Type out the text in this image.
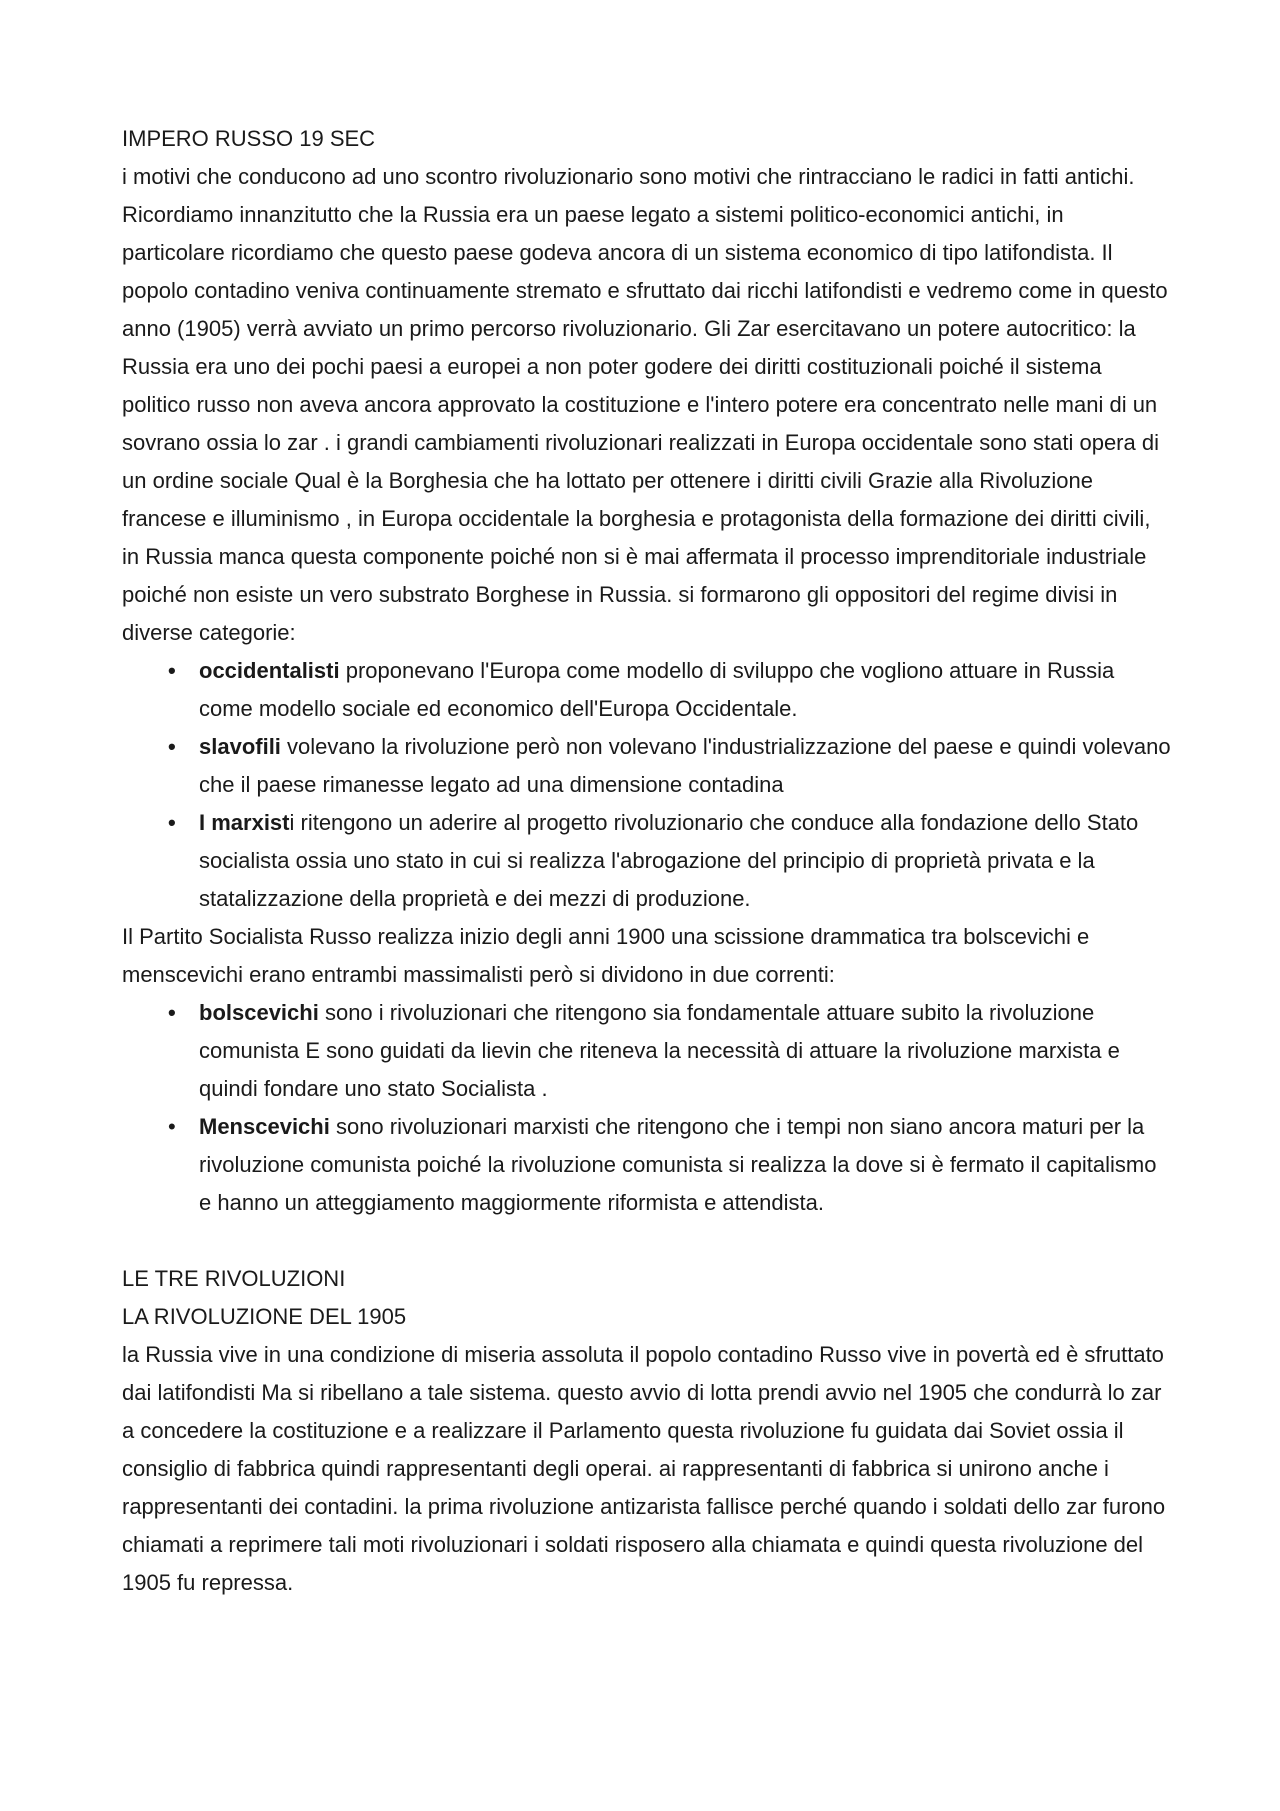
IMPERO RUSSO 19 SEC

i motivi che conducono ad uno scontro rivoluzionario sono motivi che rintracciano le radici in fatti antichi. Ricordiamo innanzitutto che la Russia era un paese legato a sistemi politico-economici antichi, in particolare ricordiamo che questo paese godeva ancora di un sistema economico di tipo latifondista. Il popolo contadino veniva continuamente stremato e sfruttato dai ricchi latifondisti e vedremo come in questo anno (1905) verrà avviato un primo percorso rivoluzionario. Gli Zar esercitavano un potere autocritico: la Russia era uno dei pochi paesi a europei a non poter godere dei diritti costituzionali poiché il sistema politico russo non aveva ancora approvato la costituzione e l'intero potere era concentrato nelle mani di un sovrano ossia lo zar . i grandi cambiamenti rivoluzionari realizzati in Europa occidentale sono stati opera di un ordine sociale Qual è la Borghesia che ha lottato per ottenere i diritti civili Grazie alla Rivoluzione francese e illuminismo , in Europa occidentale la borghesia e protagonista della formazione dei diritti civili, in Russia manca questa componente poiché non si è mai affermata il processo imprenditoriale industriale poiché non esiste un vero substrato Borghese in Russia. si formarono gli oppositori del regime divisi in diverse categorie:

• occidentalisti proponevano l'Europa come modello di sviluppo che vogliono attuare in Russia come modello sociale ed economico dell'Europa Occidentale.
• slavofili volevano la rivoluzione però non volevano l'industrializzazione del paese e quindi volevano che il paese rimanesse legato ad una dimensione contadina
• I marxisti ritengono un aderire al progetto rivoluzionario che conduce alla fondazione dello Stato socialista ossia uno stato in cui si realizza l'abrogazione del principio di proprietà privata e la statalizzazione della proprietà e dei mezzi di produzione.

Il Partito Socialista Russo realizza inizio degli anni 1900 una scissione drammatica tra bolscevichi e menscevichi erano entrambi massimalisti però si dividono in due correnti:

• bolscevichi sono i rivoluzionari che ritengono sia fondamentale attuare subito la rivoluzione comunista E sono guidati da lievin che riteneva la necessità di attuare la rivoluzione marxista e quindi fondare uno stato Socialista .
• Menscevichi sono rivoluzionari marxisti che ritengono che i tempi non siano ancora maturi per la rivoluzione comunista poiché la rivoluzione comunista si realizza la dove si è fermato il capitalismo e hanno un atteggiamento maggiormente riformista e attendista.

LE TRE RIVOLUZIONI

LA RIVOLUZIONE DEL 1905

la Russia vive in una condizione di miseria assoluta il popolo contadino Russo vive in povertà ed è sfruttato dai latifondisti Ma si ribellano a tale sistema. questo avvio di lotta prendi avvio nel 1905 che condurrà lo zar a concedere la costituzione e a realizzare il Parlamento questa rivoluzione fu guidata dai Soviet ossia il consiglio di fabbrica quindi rappresentanti degli operai. ai rappresentanti di fabbrica si unirono anche i rappresentanti dei contadini. la prima rivoluzione antizarista fallisce perché quando i soldati dello zar furono chiamati a reprimere tali moti rivoluzionari i soldati risposero alla chiamata e quindi questa rivoluzione del 1905 fu repressa.
